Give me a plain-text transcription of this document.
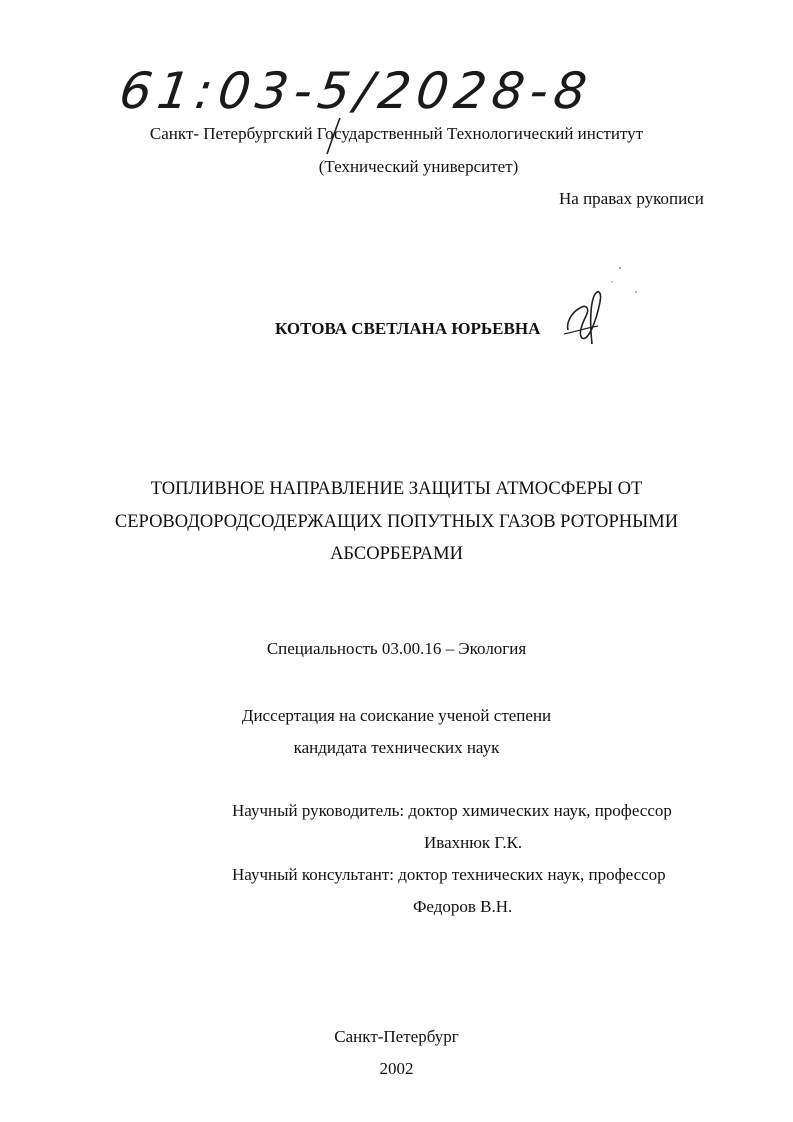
61:03-5/2028-8
Санкт- Петербургский Государственный Технологический институт
(Технический университет)
На правах рукописи
КОТОВА СВЕТЛАНА ЮРЬЕВНА
ТОПЛИВНОЕ НАПРАВЛЕНИЕ ЗАЩИТЫ АТМОСФЕРЫ ОТ
СЕРОВОДОРОДСОДЕРЖАЩИХ ПОПУТНЫХ ГАЗОВ РОТОРНЫМИ
АБСОРБЕРАМИ
Специальность 03.00.16 – Экология
Диссертация на соискание ученой степени
кандидата технических наук
Научный руководитель: доктор химических наук, профессор
Ивахнюк Г.К.
Научный консультант: доктор технических наук, профессор
Федоров В.Н.
Санкт-Петербург
2002
